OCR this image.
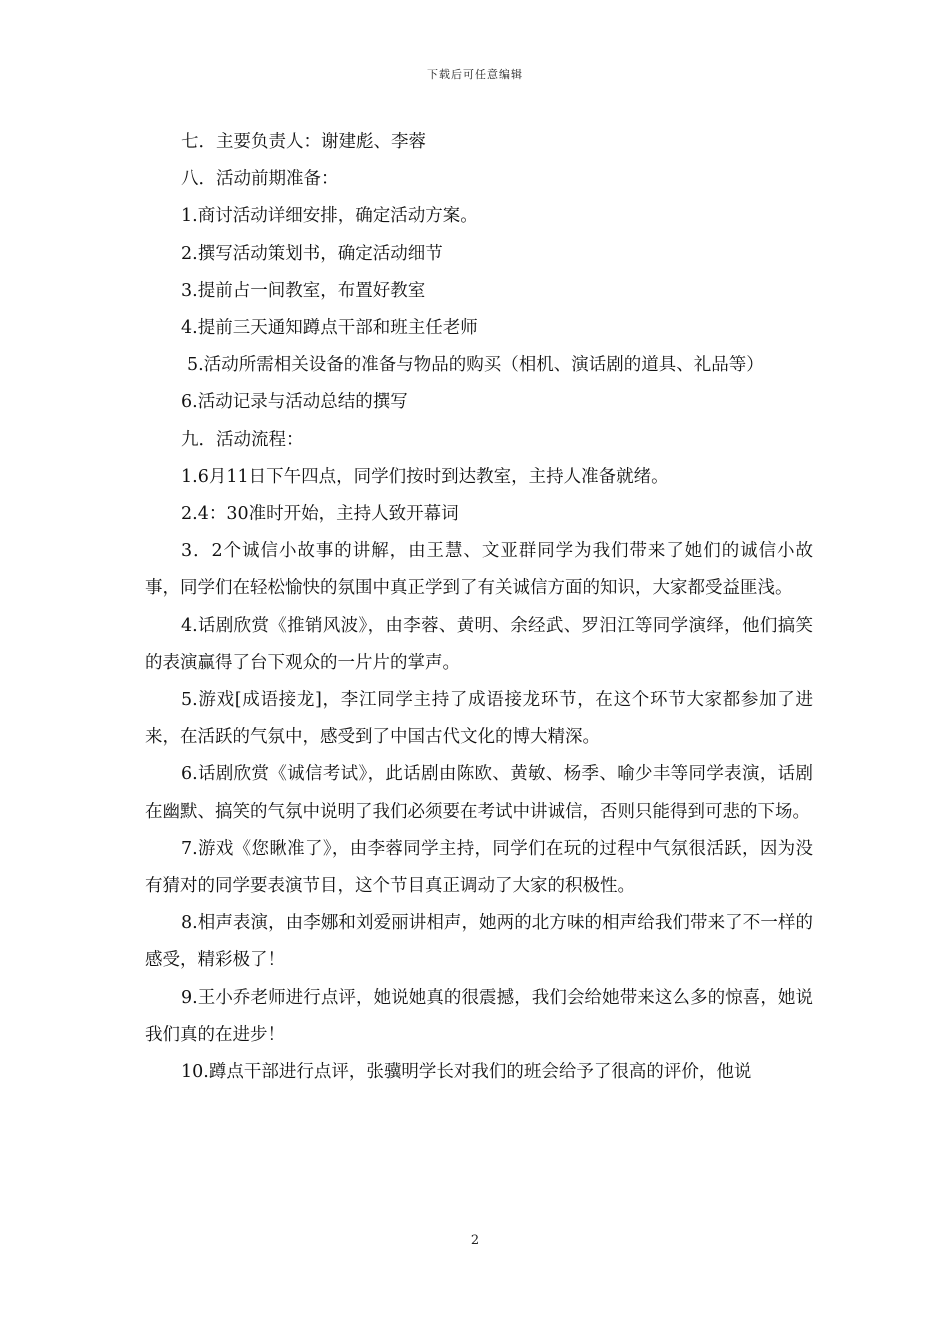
下载后可任意编辑

七．主要负责人：谢建彪、李蓉

八．活动前期准备：

1.商讨活动详细安排，确定活动方案。

2.撰写活动策划书，确定活动细节

3.提前占一间教室，布置好教室

4.提前三天通知蹲点干部和班主任老师

5.活动所需相关设备的准备与物品的购买（相机、演话剧的道具、礼品等）

6.活动记录与活动总结的撰写

九．活动流程：

1.6月11日下午四点，同学们按时到达教室，主持人准备就绪。

2.4：30准时开始，主持人致开幕词

3．2个诚信小故事的讲解，由王慧、文亚群同学为我们带来了她们的诚信小故事，同学们在轻松愉快的氛围中真正学到了有关诚信方面的知识，大家都受益匪浅。

4.话剧欣赏《推销风波》，由李蓉、黄明、余经武、罗汨江等同学演绎，他们搞笑的表演赢得了台下观众的一片片的掌声。

5.游戏[成语接龙]，李江同学主持了成语接龙环节，在这个环节大家都参加了进来，在活跃的气氛中，感受到了中国古代文化的博大精深。

6.话剧欣赏《诚信考试》，此话剧由陈欧、黄敏、杨季、喻少丰等同学表演，话剧在幽默、搞笑的气氛中说明了我们必须要在考试中讲诚信，否则只能得到可悲的下场。

7.游戏《您瞅准了》，由李蓉同学主持，同学们在玩的过程中气氛很活跃，因为没有猜对的同学要表演节目，这个节目真正调动了大家的积极性。

8.相声表演，由李娜和刘爱丽讲相声，她两的北方味的相声给我们带来了不一样的感受，精彩极了！

9.王小乔老师进行点评，她说她真的很震撼，我们会给她带来这么多的惊喜，她说我们真的在进步！

10.蹲点干部进行点评，张骥明学长对我们的班会给予了很高的评价，他说

2
